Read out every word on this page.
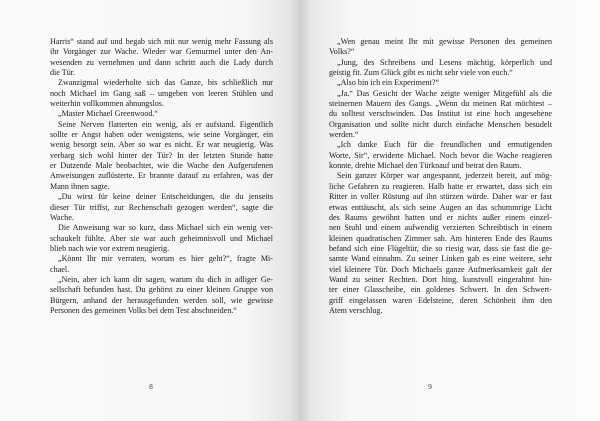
Harris“ stand auf und begab sich mit nur wenig mehr Fassung als
ihr Vorgänger zur Wache. Wieder war Gemurmel unter den An-
wesenden zu vernehmen und dann schritt auch die Lady durch
die Tür.
Zwanzigmal wiederholte sich das Ganze, bis schließlich nur
noch Michael im Gang saß – umgeben von leeren Stühlen und
weiterhin vollkommen ahnungslos.
„Master Michael Greenwood.“
Seine Nerven flatterten ein wenig, als er aufstand. Eigentlich
sollte er Angst haben oder wenigstens, wie seine Vorgänger, ein
wenig besorgt sein. Aber so war es nicht. Er war neugierig. Was
verbarg sich wohl hinter der Tür? In der letzten Stunde hatte
er Dutzende Male beobachtet, wie die Wache den Aufgerufenen
Anweisungen zuflüsterte. Er brannte darauf zu erfahren, was der
Mann ihnen sagte.
„Du wirst für keine deiner Entscheidungen, die du jenseits
dieser Tür triffst, zur Rechenschaft gezogen werden“, sagte die
Wache.
Die Anweisung war so kurz, dass Michael sich ein wenig ver-
schaukelt fühlte. Aber sie war auch geheimnisvoll und Michael
blieb nach wie vor extrem neugierig.
„Könnt Ihr mir verraten, worum es hier geht?“, fragte Mi-
chael.
„Nein, aber ich kann dir sagen, warum du dich in adliger Ge-
sellschaft befunden hast. Du gehörst zu einer kleinen Gruppe von
Bürgern, anhand der herausgefunden werden soll, wie gewisse
Personen des gemeinen Volks bei dem Test abschneiden.“
8
„Wen genau meint Ihr mit gewisse Personen des gemeinen
Volks?“
„Jung, des Schreibens und Lesens mächtig, körperlich und
geistig fit. Zum Glück gibt es nicht sehr viele von euch.“
„Also bin ich ein Experiment?“
„Ja.“ Das Gesicht der Wache zeigte weniger Mitgefühl als die
steinernen Mauern des Gangs. „Wenn du meinen Rat möchtest –
du solltest verschwinden. Das Institut ist eine hoch angesehene
Organisation und sollte nicht durch einfache Menschen besudelt
werden.“
„Ich danke Euch für die freundlichen und ermutigenden
Worte, Sir“, erwiderte Michael. Noch bevor die Wache reagieren
konnte, drehte Michael den Türknauf und betrat den Raum.
Sein ganzer Körper war angespannt, jederzeit bereit, auf mög-
liche Gefahren zu reagieren. Halb hatte er erwartet, dass sich ein
Ritter in voller Rüstung auf ihn stürzen würde. Daher war er fast
etwas enttäuscht, als sich seine Augen an das schummrige Licht
des Raums gewöhnt hatten und er nichts außer einem einzel-
nen Stuhl und einem aufwendig verzierten Schreibtisch in einem
kleinen quadratischen Zimmer sah. Am hinteren Ende des Raums
befand sich eine Flügeltür, die so riesig war, dass sie fast die ge-
samte Wand einnahm. Zu seiner Linken gab es eine weitere, sehr
viel kleinere Tür. Doch Michaels ganze Aufmerksamkeit galt der
Wand zu seiner Rechten. Dort hing, kunstvoll eingerahmt hin-
ter einer Glasscheibe, ein goldenes Schwert. In den Schwert-
griff eingelassen waren Edelsteine, deren Schönheit ihm den
Atem verschlug.
9
